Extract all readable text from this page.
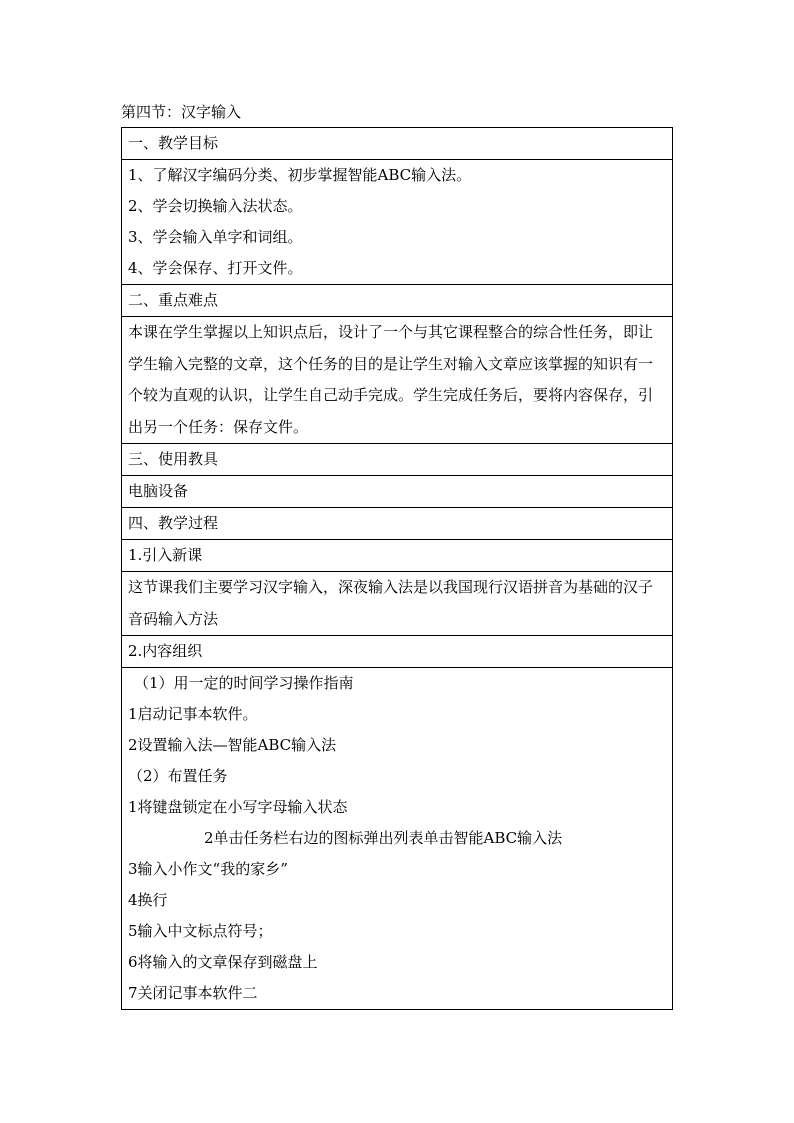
第四节：汉字输入
一、教学目标

1、了解汉字编码分类、初步掌握智能ABC输入法。
2、学会切换输入法状态。
3、学会输入单字和词组。
4、学会保存、打开文件。

二、重点难点

本课在学生掌握以上知识点后，设计了一个与其它课程整合的综合性任务，即让学生输入完整的文章，这个任务的目的是让学生对输入文章应该掌握的知识有一个较为直观的认识，让学生自己动手完成。学生完成任务后，要将内容保存，引出另一个任务：保存文件。

三、使用教具

电脑设备

四、教学过程

1.引入新课

这节课我们主要学习汉字输入，深夜输入法是以我国现行汉语拼音为基础的汉子音码输入方法

2.内容组织

（1）用一定的时间学习操作指南
1启动记事本软件。
2设置输入法—智能ABC输入法
（2）布置任务
1将键盘锁定在小写字母输入状态
2单击任务栏右边的图标弹出列表单击智能ABC输入法
3输入小作文“我的家乡”
4换行
5输入中文标点符号；
6将输入的文章保存到磁盘上
7关闭记事本软件二
